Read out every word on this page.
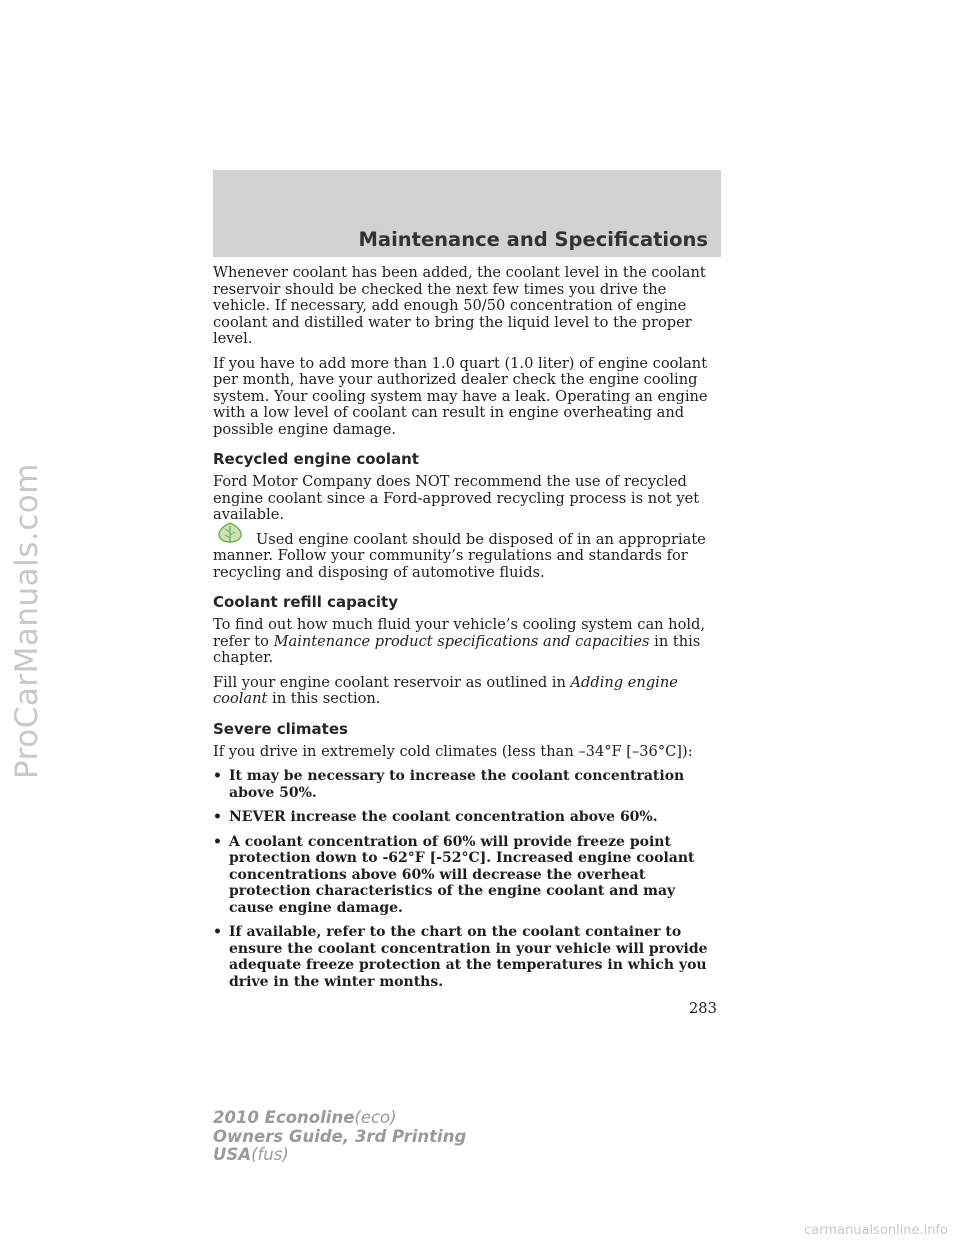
ProCarManuals.com
Maintenance and Specifications

Whenever coolant has been added, the coolant level in the coolant reservoir should be checked the next few times you drive the vehicle. If necessary, add enough 50/50 concentration of engine coolant and distilled water to bring the liquid level to the proper level.

If you have to add more than 1.0 quart (1.0 liter) of engine coolant per month, have your authorized dealer check the engine cooling system. Your cooling system may have a leak. Operating an engine with a low level of coolant can result in engine overheating and possible engine damage.

Recycled engine coolant

Ford Motor Company does NOT recommend the use of recycled engine coolant since a Ford-approved recycling process is not yet available.

Used engine coolant should be disposed of in an appropriate manner. Follow your community’s regulations and standards for recycling and disposing of automotive fluids.

Coolant refill capacity

To find out how much fluid your vehicle’s cooling system can hold, refer to Maintenance product specifications and capacities in this chapter.

Fill your engine coolant reservoir as outlined in Adding engine coolant in this section.

Severe climates

If you drive in extremely cold climates (less than –34°F [–36°C]):

• It may be necessary to increase the coolant concentration above 50%.
• NEVER increase the coolant concentration above 60%.
• A coolant concentration of 60% will provide freeze point protection down to -62°F [-52°C]. Increased engine coolant concentrations above 60% will decrease the overheat protection characteristics of the engine coolant and may cause engine damage.
• If available, refer to the chart on the coolant container to ensure the coolant concentration in your vehicle will provide adequate freeze protection at the temperatures in which you drive in the winter months.
283
2010 Econoline(eco)
Owners Guide, 3rd Printing
USA(fus)
carmanualsonline.info
